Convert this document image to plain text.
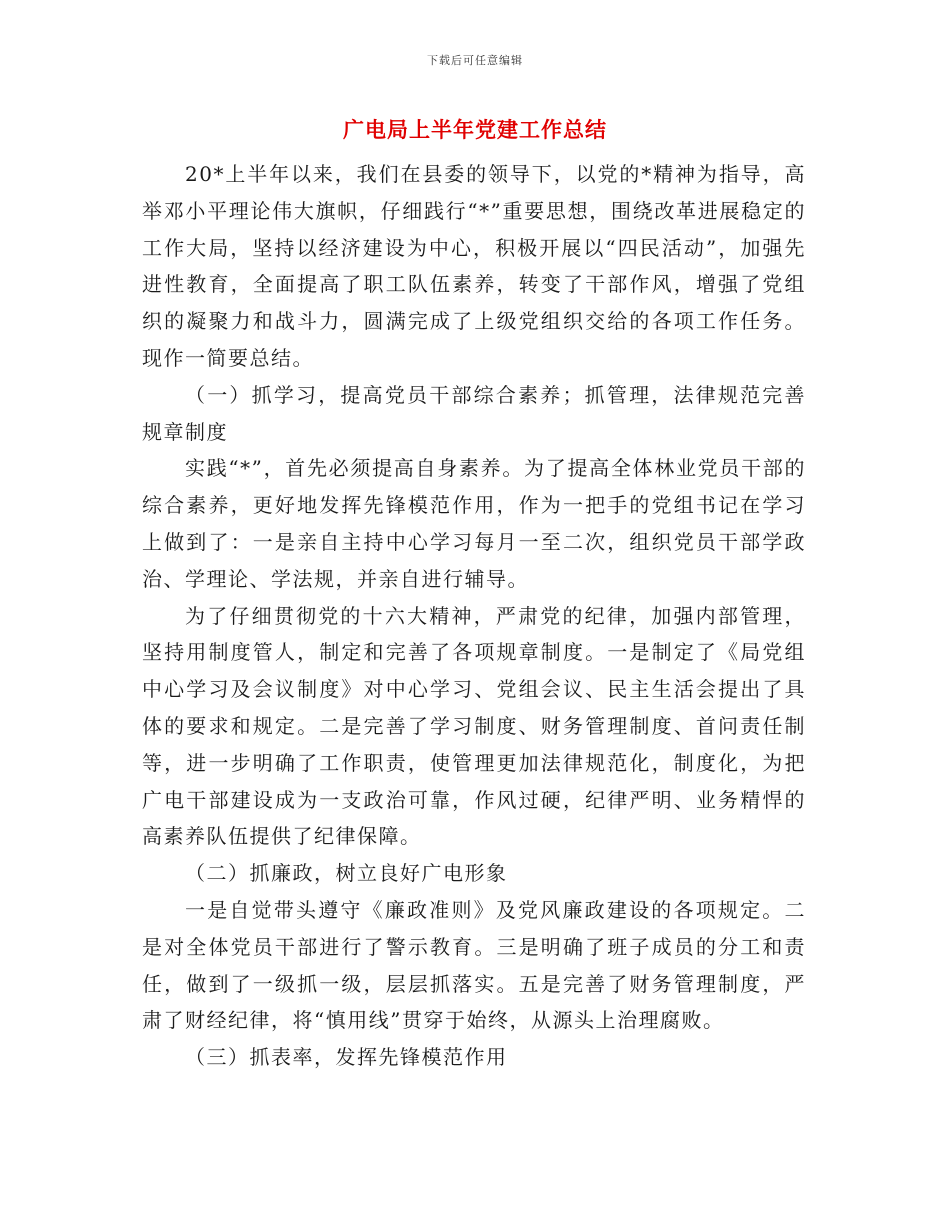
下载后可任意编辑
广电局上半年党建工作总结

20*上半年以来，我们在县委的领导下，以党的*精神为指导，高举邓小平理论伟大旗帜，仔细践行“*”重要思想，围绕改革进展稳定的工作大局，坚持以经济建设为中心，积极开展以“四民活动”，加强先进性教育，全面提高了职工队伍素养，转变了干部作风，增强了党组织的凝聚力和战斗力，圆满完成了上级党组织交给的各项工作任务。现作一简要总结。

（一）抓学习，提高党员干部综合素养；抓管理，法律规范完善规章制度

实践“*”，首先必须提高自身素养。为了提高全体林业党员干部的综合素养，更好地发挥先锋模范作用，作为一把手的党组书记在学习上做到了：一是亲自主持中心学习每月一至二次，组织党员干部学政治、学理论、学法规，并亲自进行辅导。

为了仔细贯彻党的十六大精神，严肃党的纪律，加强内部管理，坚持用制度管人，制定和完善了各项规章制度。一是制定了《局党组中心学习及会议制度》对中心学习、党组会议、民主生活会提出了具体的要求和规定。二是完善了学习制度、财务管理制度、首问责任制等，进一步明确了工作职责，使管理更加法律规范化，制度化，为把广电干部建设成为一支政治可靠，作风过硬，纪律严明、业务精悍的高素养队伍提供了纪律保障。

（二）抓廉政，树立良好广电形象

一是自觉带头遵守《廉政准则》及党风廉政建设的各项规定。二是对全体党员干部进行了警示教育。三是明确了班子成员的分工和责任，做到了一级抓一级，层层抓落实。五是完善了财务管理制度，严肃了财经纪律，将“慎用线”贯穿于始终，从源头上治理腐败。

（三）抓表率，发挥先锋模范作用
